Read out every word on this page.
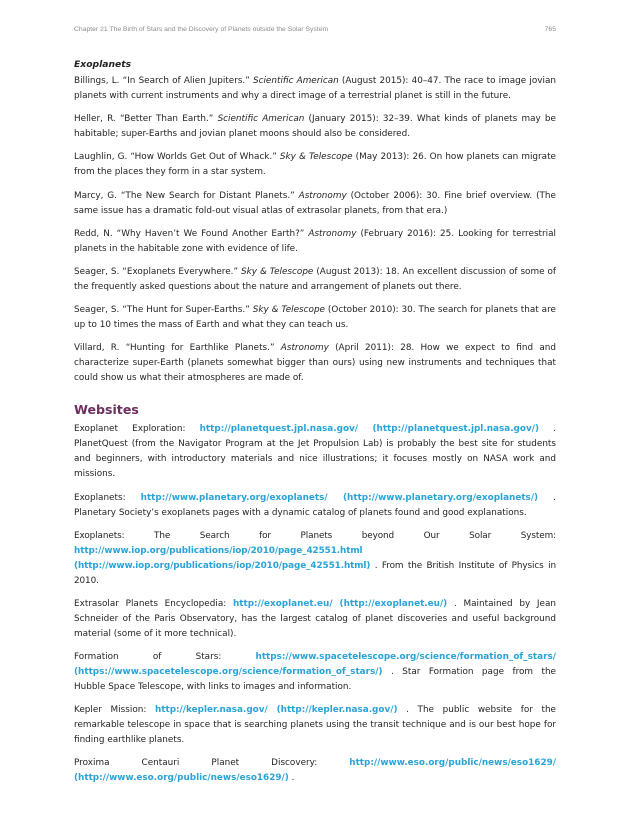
Chapter 21 The Birth of Stars and the Discovery of Planets outside the Solar System	765
Exoplanets

Billings, L. “In Search of Alien Jupiters.” Scientific American (August 2015): 40–47. The race to image jovian planets with current instruments and why a direct image of a terrestrial planet is still in the future.

Heller, R. “Better Than Earth.” Scientific American (January 2015): 32–39. What kinds of planets may be habitable; super-Earths and jovian planet moons should also be considered.

Laughlin, G. “How Worlds Get Out of Whack.” Sky & Telescope (May 2013): 26. On how planets can migrate from the places they form in a star system.

Marcy, G. “The New Search for Distant Planets.” Astronomy (October 2006): 30. Fine brief overview. (The same issue has a dramatic fold-out visual atlas of extrasolar planets, from that era.)

Redd, N. “Why Haven’t We Found Another Earth?” Astronomy (February 2016): 25. Looking for terrestrial planets in the habitable zone with evidence of life.

Seager, S. “Exoplanets Everywhere.” Sky & Telescope (August 2013): 18. An excellent discussion of some of the frequently asked questions about the nature and arrangement of planets out there.

Seager, S. “The Hunt for Super-Earths.” Sky & Telescope (October 2010): 30. The search for planets that are up to 10 times the mass of Earth and what they can teach us.

Villard, R. “Hunting for Earthlike Planets.” Astronomy (April 2011): 28. How we expect to find and characterize super-Earth (planets somewhat bigger than ours) using new instruments and techniques that could show us what their atmospheres are made of.

Websites

Exoplanet Exploration: http://planetquest.jpl.nasa.gov/ (http://planetquest.jpl.nasa.gov/) . PlanetQuest (from the Navigator Program at the Jet Propulsion Lab) is probably the best site for students and beginners, with introductory materials and nice illustrations; it focuses mostly on NASA work and missions.

Exoplanets: http://www.planetary.org/exoplanets/ (http://www.planetary.org/exoplanets/) . Planetary Society’s exoplanets pages with a dynamic catalog of planets found and good explanations.

Exoplanets: The Search for Planets beyond Our Solar System: http://www.iop.org/publications/iop/2010/page_42551.html (http://www.iop.org/publications/iop/2010/page_42551.html) . From the British Institute of Physics in 2010.

Extrasolar Planets Encyclopedia: http://exoplanet.eu/ (http://exoplanet.eu/) . Maintained by Jean Schneider of the Paris Observatory, has the largest catalog of planet discoveries and useful background material (some of it more technical).

Formation of Stars: https://www.spacetelescope.org/science/formation_of_stars/ (https://www.spacetelescope.org/science/formation_of_stars/) . Star Formation page from the Hubble Space Telescope, with links to images and information.

Kepler Mission: http://kepler.nasa.gov/ (http://kepler.nasa.gov/) . The public website for the remarkable telescope in space that is searching planets using the transit technique and is our best hope for finding earthlike planets.

Proxima Centauri Planet Discovery: http://www.eso.org/public/news/eso1629/ (http://www.eso.org/public/news/eso1629/) .
